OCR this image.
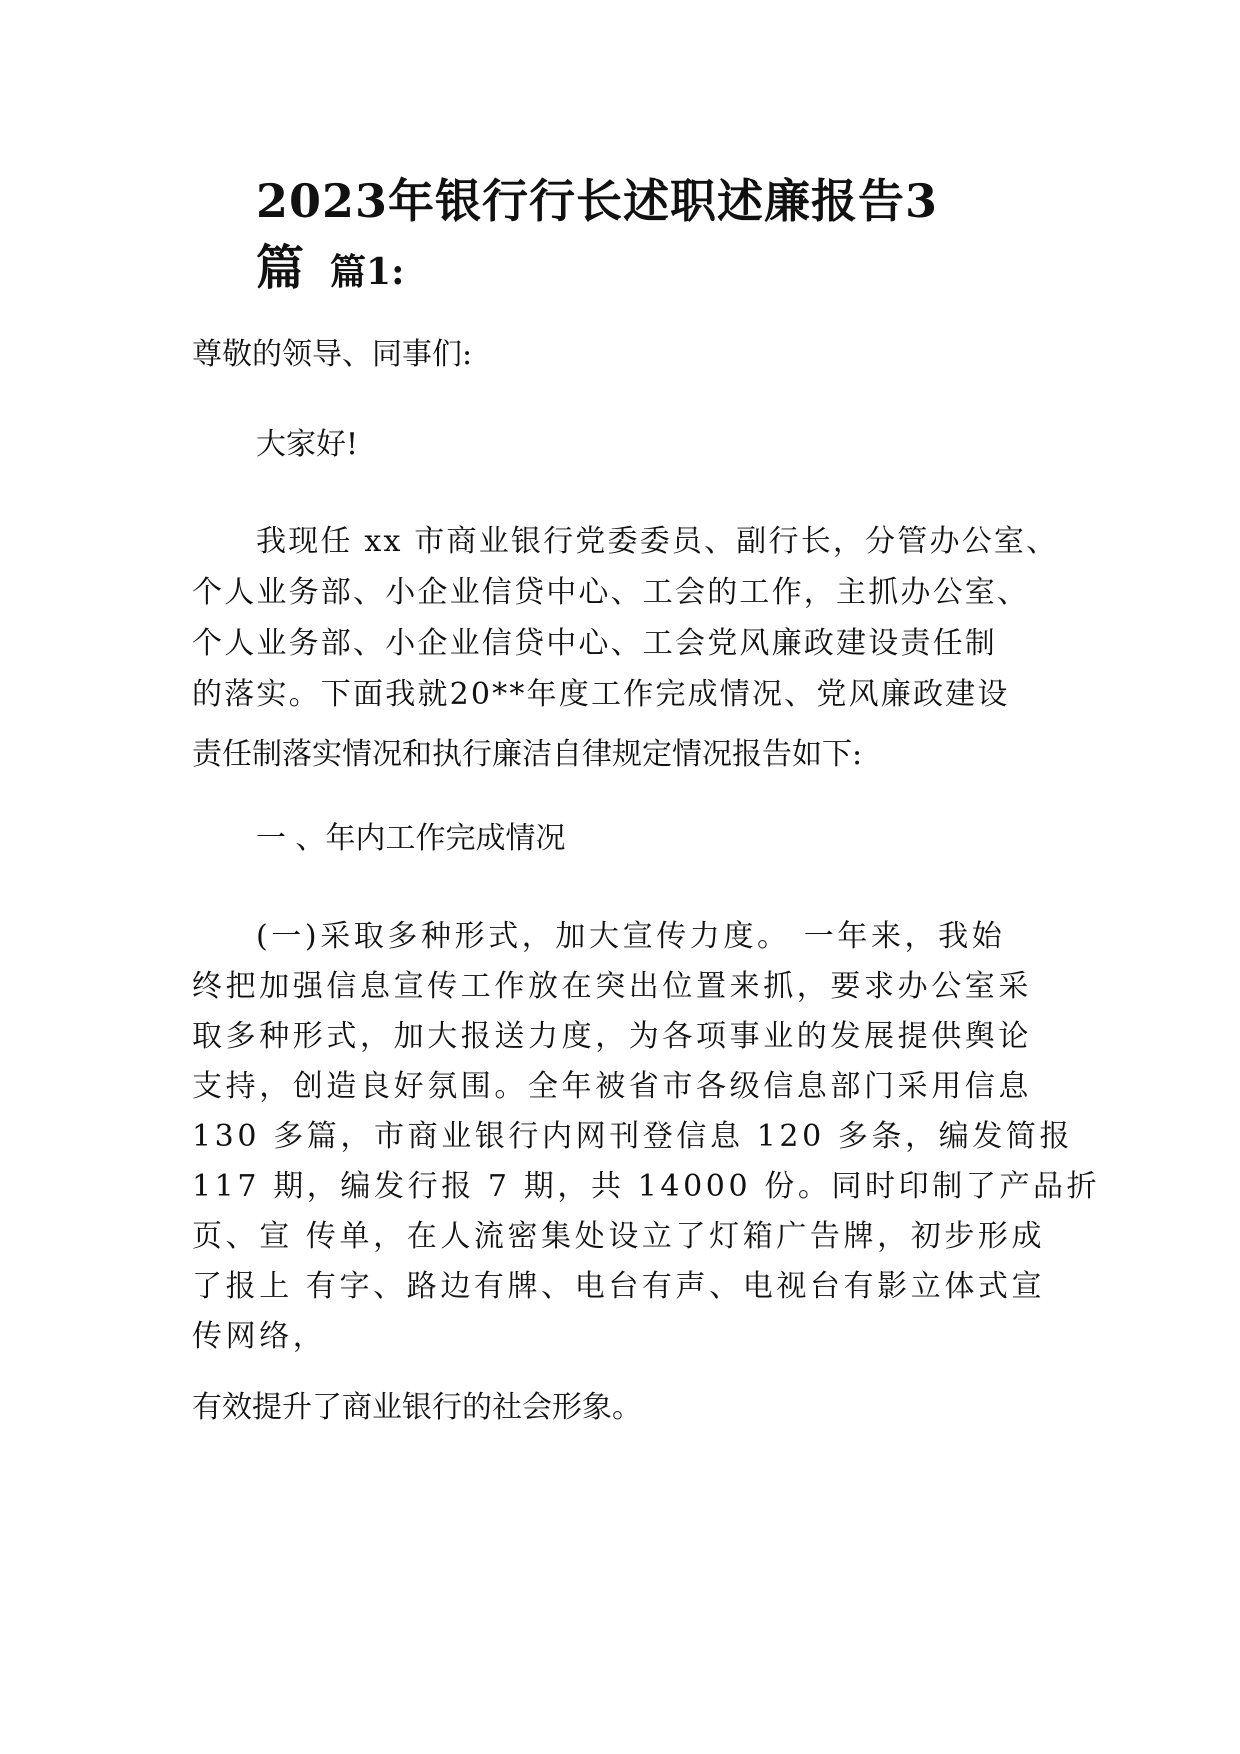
2023年银行行长述职述廉报告3
篇 篇1:

尊敬的领导、同事们:

大家好!

我现任 xx 市商业银行党委委员、副行长，分管办公室、

个人业务部、小企业信贷中心、工会的工作，主抓办公室、

个人业务部、小企业信贷中心、工会党风廉政建设责任制

的落实。下面我就20**年度工作完成情况、党风廉政建设

责任制落实情况和执行廉洁自律规定情况报告如下:

一 、年内工作完成情况

(一)采取多种形式，加大宣传力度。 一年来，我始

终把加强信息宣传工作放在突出位置来抓，要求办公室采

取多种形式，加大报送力度，为各项事业的发展提供舆论

支持，创造良好氛围。全年被省市各级信息部门采用信息

130 多篇，市商业银行内网刊登信息 120 多条，编发简报

117 期，编发行报 7 期，共 14000 份。同时印制了产品折

页、宣 传单，在人流密集处设立了灯箱广告牌，初步形成

了报上 有字、路边有牌、电台有声、电视台有影立体式宣

传网络，

有效提升了商业银行的社会形象。
